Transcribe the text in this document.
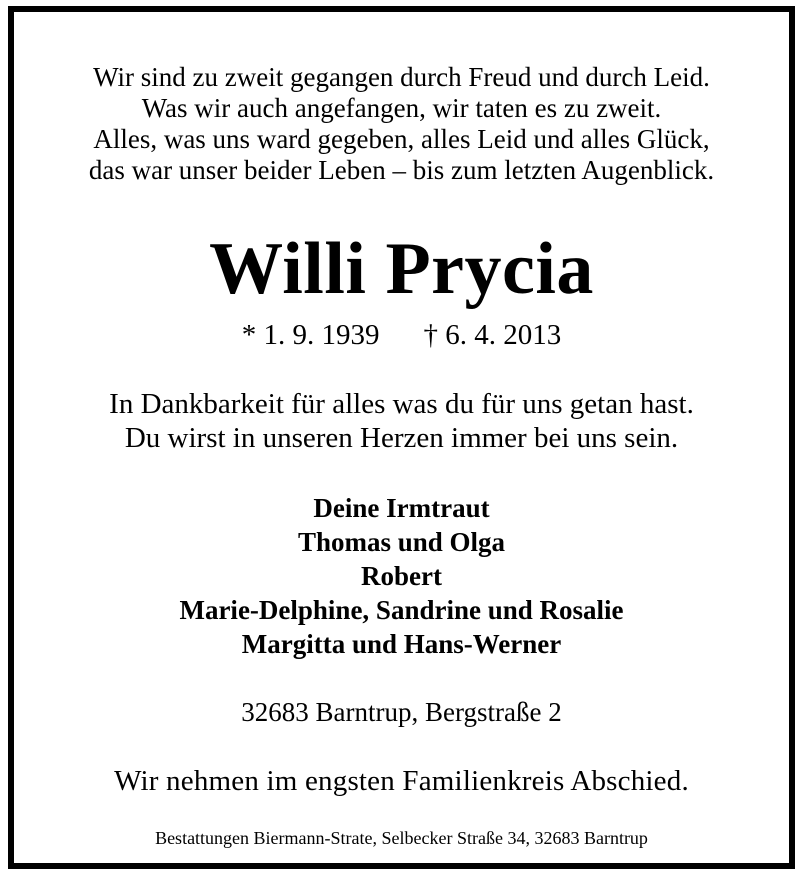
Wir sind zu zweit gegangen durch Freud und durch Leid.
Was wir auch angefangen, wir taten es zu zweit.
Alles, was uns ward gegeben, alles Leid und alles Glück,
das war unser beider Leben – bis zum letzten Augenblick.
Willi Prycia
* 1. 9. 1939 † 6. 4. 2013
In Dankbarkeit für alles was du für uns getan hast.
Du wirst in unseren Herzen immer bei uns sein.
Deine Irmtraut
Thomas und Olga
Robert
Marie-Delphine, Sandrine und Rosalie
Margitta und Hans-Werner
32683 Barntrup, Bergstraße 2
Wir nehmen im engsten Familienkreis Abschied.
Bestattungen Biermann-Strate, Selbecker Straße 34, 32683 Barntrup
